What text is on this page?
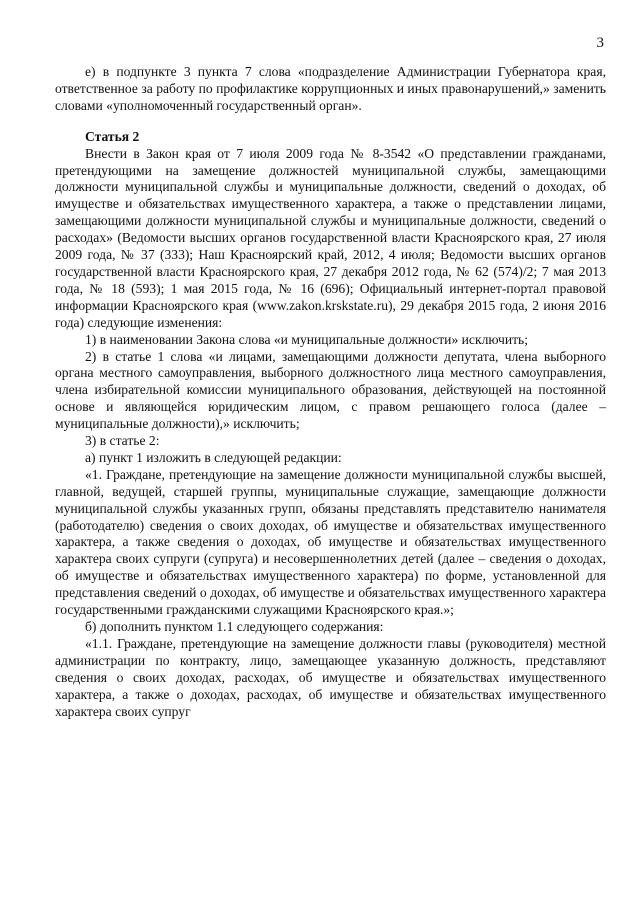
3

е) в подпункте 3 пункта 7 слова «подразделение Администрации Губернатора края, ответственное за работу по профилактике коррупционных и иных правонарушений,» заменить словами «уполномоченный государственный орган».

Статья 2

Внести в Закон края от 7 июля 2009 года № 8-3542 «О представлении гражданами, претендующими на замещение должностей муниципальной службы, замещающими должности муниципальной службы и муниципальные должности, сведений о доходах, об имуществе и обязательствах имущественного характера, а также о представлении лицами, замещающими должности муниципальной службы и муниципальные должности, сведений о расходах» (Ведомости высших органов государственной власти Красноярского края, 27 июля 2009 года, № 37 (333); Наш Красноярский край, 2012, 4 июля; Ведомости высших органов государственной власти Красноярского края, 27 декабря 2012 года, № 62 (574)/2; 7 мая 2013 года, № 18 (593); 1 мая 2015 года, № 16 (696); Официальный интернет-портал правовой информации Красноярского края (www.zakon.krskstate.ru), 29 декабря 2015 года, 2 июня 2016 года) следующие изменения:

1) в наименовании Закона слова «и муниципальные должности» исключить;

2) в статье 1 слова «и лицами, замещающими должности депутата, члена выборного органа местного самоуправления, выборного должностного лица местного самоуправления, члена избирательной комиссии муниципального образования, действующей на постоянной основе и являющейся юридическим лицом, с правом решающего голоса (далее – муниципальные должности),» исключить;

3) в статье 2:

а) пункт 1 изложить в следующей редакции:

«1. Граждане, претендующие на замещение должности муниципальной службы высшей, главной, ведущей, старшей группы, муниципальные служащие, замещающие должности муниципальной службы указанных групп, обязаны представлять представителю нанимателя (работодателю) сведения о своих доходах, об имуществе и обязательствах имущественного характера, а также сведения о доходах, об имуществе и обязательствах имущественного характера своих супруги (супруга) и несовершеннолетних детей (далее – сведения о доходах, об имуществе и обязательствах имущественного характера) по форме, установленной для представления сведений о доходах, об имуществе и обязательствах имущественного характера государственными гражданскими служащими Красноярского края.»;

б) дополнить пунктом 1.1 следующего содержания:

«1.1. Граждане, претендующие на замещение должности главы (руководителя) местной администрации по контракту, лицо, замещающее указанную должность, представляют сведения о своих доходах, расходах, об имуществе и обязательствах имущественного характера, а также о доходах, расходах, об имуществе и обязательствах имущественного характера своих супруг
